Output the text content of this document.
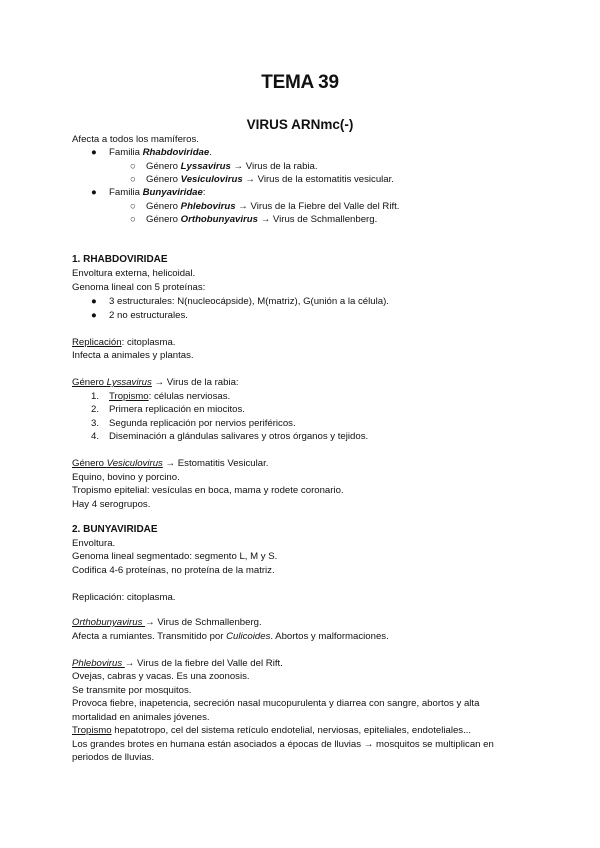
TEMA 39
VIRUS ARNmc(-)
Afecta a todos los mamíferos.
● Familia Rhabdoviridae.
○ Género Lyssavirus → Virus de la rabia.
○ Género Vesiculovirus → Virus de la estomatitis vesicular.
● Familia Bunyaviridae:
○ Género Phlebovirus → Virus de la Fiebre del Valle del Rift.
○ Género Orthobunyavirus → Virus de Schmallenberg.
1. RHABDOVIRIDAE
Envoltura externa, helicoidal.
Genoma lineal con 5 proteínas:
● 3 estructurales: N(nucleocápside), M(matriz), G(unión a la célula).
● 2 no estructurales.
Replicación: citoplasma.
Infecta a animales y plantas.
Género Lyssavirus → Virus de la rabia:
1. Tropismo: células nerviosas.
2. Primera replicación en miocitos.
3. Segunda replicación por nervios periféricos.
4. Diseminación a glándulas salivares y otros órganos y tejidos.
Género Vesiculovirus → Estomatitis Vesicular.
Equino, bovino y porcino.
Tropismo epitelial: vesículas en boca, mama y rodete coronario.
Hay 4 serogrupos.
2. BUNYAVIRIDAE
Envoltura.
Genoma lineal segmentado: segmento L, M y S.
Codifica 4-6 proteínas, no proteína de la matriz.
Replicación: citoplasma.
Orthobunyavirus → Virus de Schmallenberg.
Afecta a rumiantes. Transmitido por Culicoides. Abortos y malformaciones.
Phlebovirus → Virus de la fiebre del Valle del Rift.
Ovejas, cabras y vacas. Es una zoonosis.
Se transmite por mosquitos.
Provoca fiebre, inapetencia, secreción nasal mucopurulenta y diarrea con sangre, abortos y alta
mortalidad en animales jóvenes.
Tropismo hepatotropo, cel del sistema retículo endotelial, nerviosas, epiteliales, endoteliales...
Los grandes brotes en humana están asociados a épocas de lluvias → mosquitos se multiplican en
periodos de lluvias.
